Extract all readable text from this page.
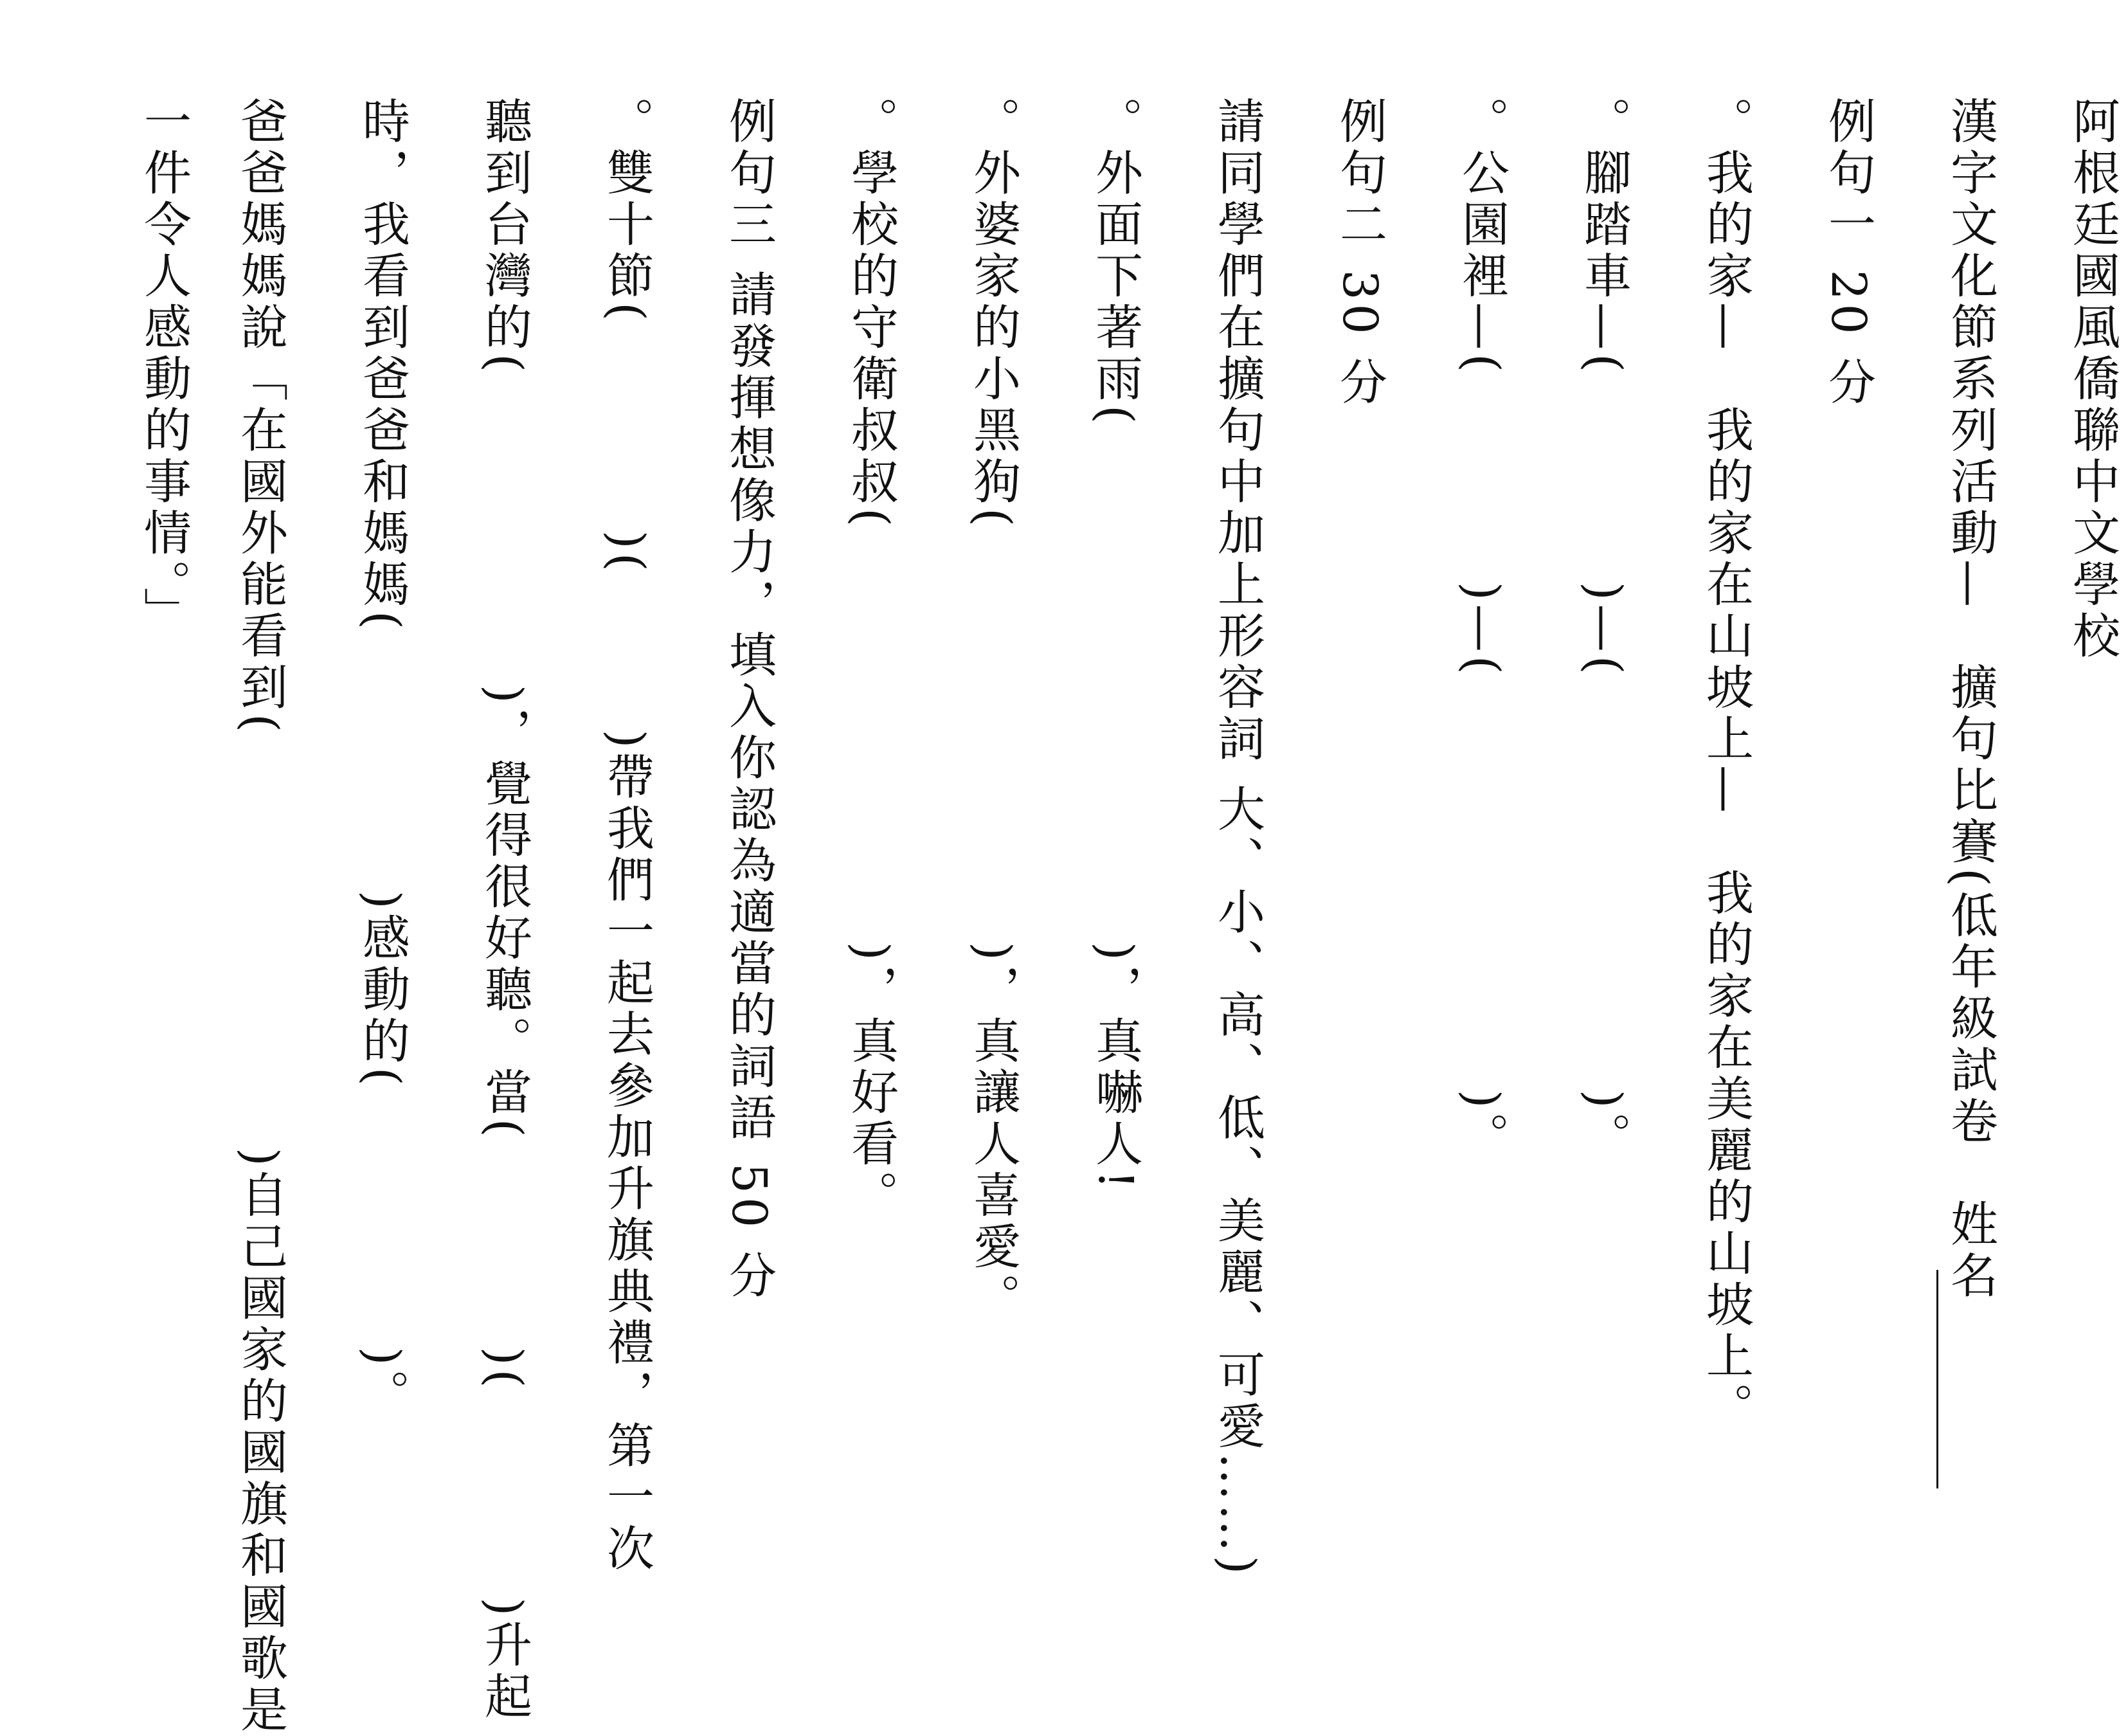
阿根廷國風僑聯中文學校
漢字文化節系列活動—　擴句比賽(低年級試卷　姓名
例句一 20 分
。我的家—　我的家在山坡上—　我的家在美麗的山坡上。
。腳踏車—(　　　　)—(　　　　　　　　)。
。公園裡—(　　　　)—(　　　　　　　　)。
例句二 30 分
請同學們在擴句中加上形容詞 大、小、高、低、美麗、可愛……)
。外面下著雨(　　　　　　　　　　)，真嚇人!
。外婆家的小黑狗(　　　　　　　　)，真讓人喜愛。
。學校的守衛叔叔(　　　　　　　　)，真好看。
例句三 請發揮想像力，填入你認為適當的詞語 50 分
。雙十節(　　　　)(　　　)帶我們一起去參加升旗典禮，第一次
聽到台灣的(　　　　　　)，覺得很好聽。當(　　　　)(　　　　)升起
時，我看到爸爸和媽媽(　　　　　)感動的(　　　　　)。
爸爸媽媽說「在國外能看到(　　　　　　　　)自己國家的國旗和國歌是
一件令人感動的事情。」
